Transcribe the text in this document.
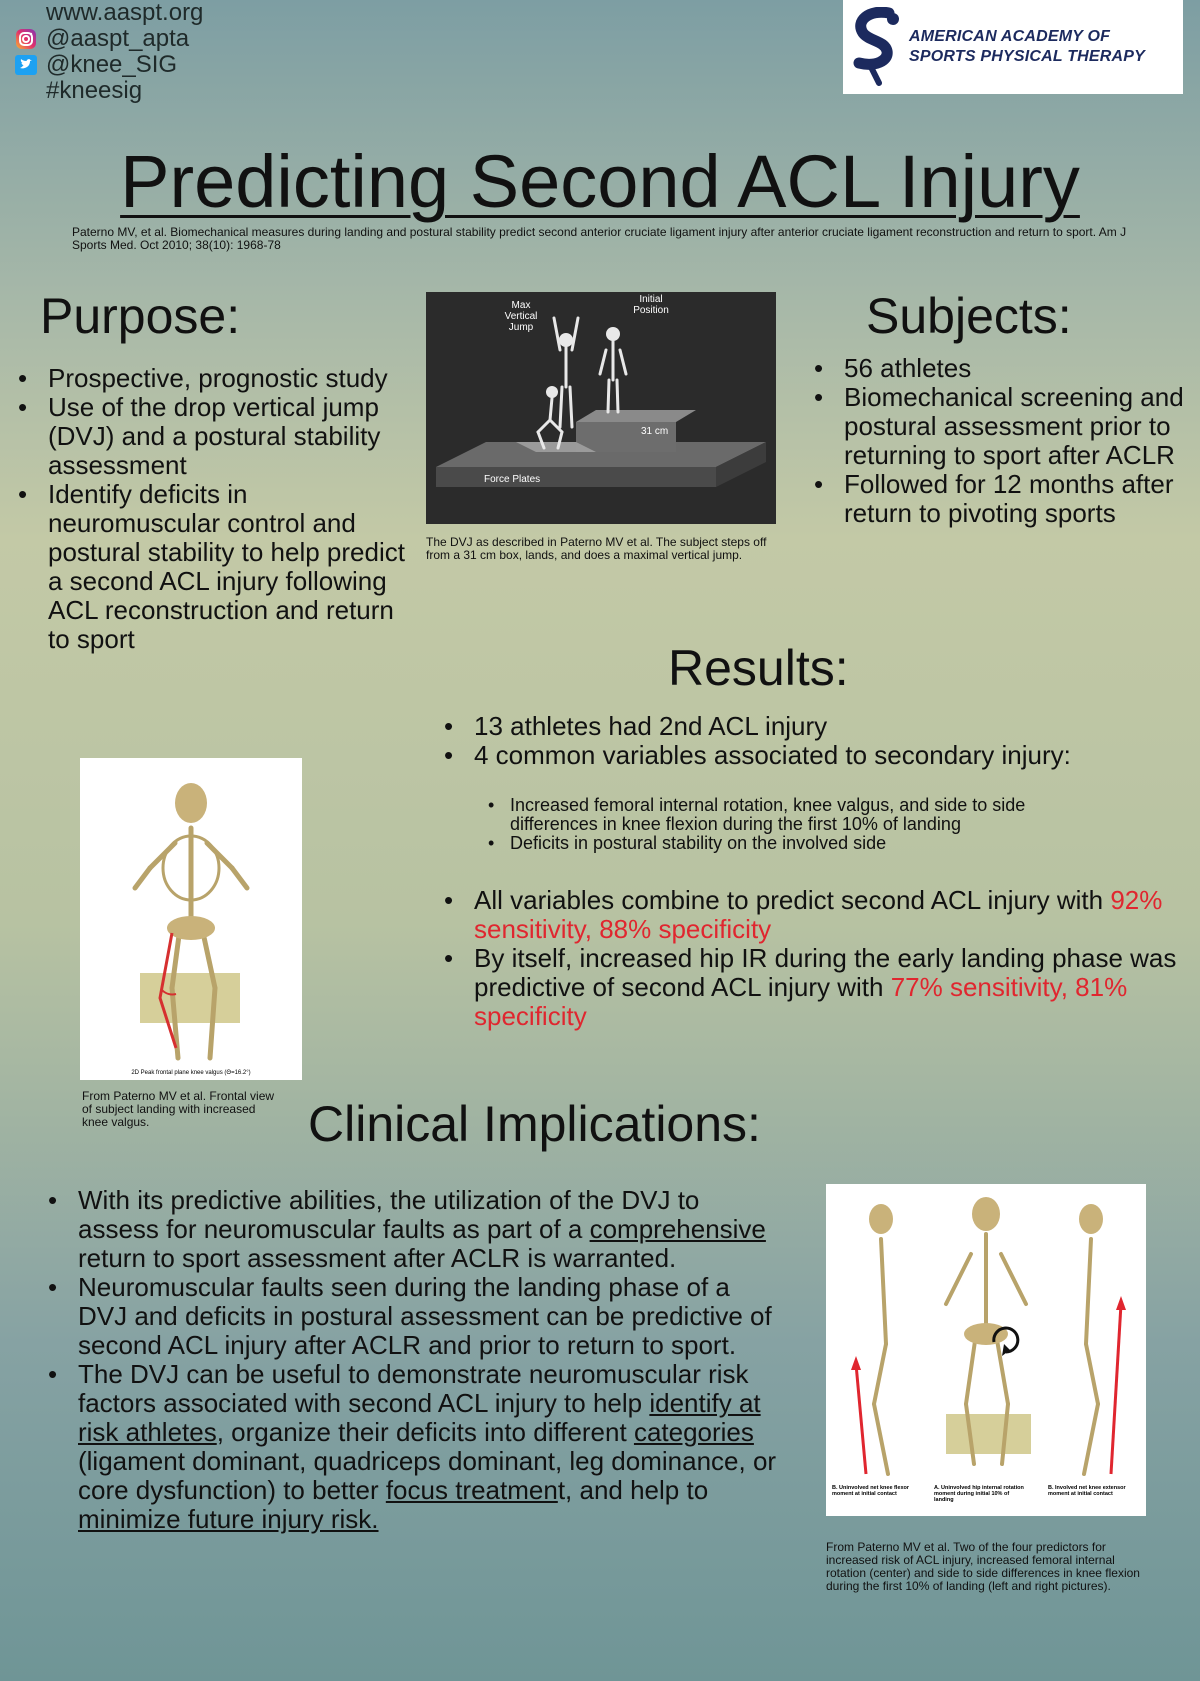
www.aaspt.org
@aaspt_apta
@knee_SIG
#kneesig
AMERICAN ACADEMY OF
SPORTS PHYSICAL THERAPY
Predicting Second ACL Injury
Paterno MV, et al. Biomechanical measures during landing and postural stability predict second anterior cruciate ligament injury after anterior cruciate ligament reconstruction and return to sport. Am J Sports Med. Oct 2010; 38(10): 1968-78
Purpose:
• Prospective, prognostic study
• Use of the drop vertical jump (DVJ) and a postural stability assessment
• Identify deficits in neuromuscular control and postural stability to help predict a second ACL injury following ACL reconstruction and return to sport
Max Vertical Jump
Initial Position
31 cm
Force Plates
The DVJ as described in Paterno MV et al. The subject steps off from a 31 cm box, lands, and does a maximal vertical jump.
Subjects:
• 56 athletes
• Biomechanical screening and postural assessment prior to returning to sport after ACLR
• Followed for 12 months after return to pivoting sports
Results:
• 13 athletes had 2nd ACL injury
• 4 common variables associated to secondary injury:
• Increased femoral internal rotation, knee valgus, and side to side differences in knee flexion during the first 10% of landing
• Deficits in postural stability on the involved side
• All variables combine to predict second ACL injury with 92% sensitivity, 88% specificity
• By itself, increased hip IR during the early landing phase was predictive of second ACL injury with 77% sensitivity, 81% specificity
2D Peak frontal plane knee valgus (Θ=16.2°)
From Paterno MV et al. Frontal view of subject landing with increased knee valgus.	Clinical Implications:
• With its predictive abilities, the utilization of the DVJ to assess for neuromuscular faults as part of a comprehensive return to sport assessment after ACLR is warranted.
• Neuromuscular faults seen during the landing phase of a DVJ and deficits in postural assessment can be predictive of second ACL injury after ACLR and prior to return to sport.
• The DVJ can be useful to demonstrate neuromuscular risk factors associated with second ACL injury to help identify at risk athletes, organize their deficits into different categories (ligament dominant, quadriceps dominant, leg dominance, or core dysfunction) to better focus treatment, and help to minimize future injury risk.
B. Uninvolved net knee flexor moment at initial contact
A. Uninvolved hip internal rotation moment during initial 10% of landing
B. Involved net knee extensor moment at initial contact
From Paterno MV et al. Two of the four predictors for increased risk of ACL injury, increased femoral internal rotation (center) and side to side differences in knee flexion during the first 10% of landing (left and right pictures).
